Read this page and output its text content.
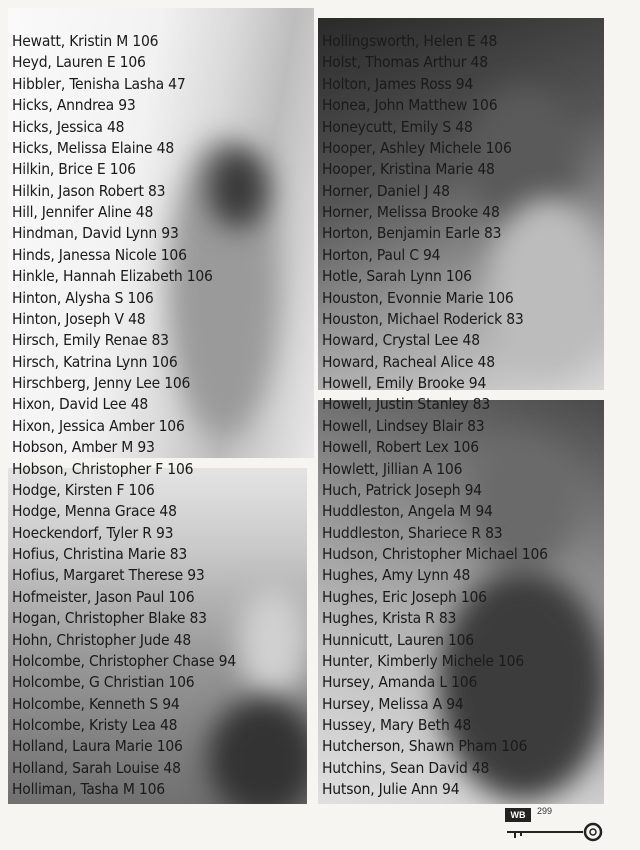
Hewatt, Kristin M 106
Heyd, Lauren E 106
Hibbler, Tenisha Lasha 47
Hicks, Anndrea 93
Hicks, Jessica 48
Hicks, Melissa Elaine 48
Hilkin, Brice E 106
Hilkin, Jason Robert 83
Hill, Jennifer Aline 48
Hindman, David Lynn 93
Hinds, Janessa Nicole 106
Hinkle, Hannah Elizabeth 106
Hinton, Alysha S 106
Hinton, Joseph V 48
Hirsch, Emily Renae 83
Hirsch, Katrina Lynn 106
Hirschberg, Jenny Lee 106
Hixon, David Lee 48
Hixon, Jessica Amber 106
Hobson, Amber M 93
Hobson, Christopher F 106
Hodge, Kirsten F 106
Hodge, Menna Grace 48
Hoeckendorf, Tyler R 93
Hofius, Christina Marie 83
Hofius, Margaret Therese 93
Hofmeister, Jason Paul 106
Hogan, Christopher Blake 83
Hohn, Christopher Jude 48
Holcombe, Christopher Chase 94
Holcombe, G Christian 106
Holcombe, Kenneth S 94
Holcombe, Kristy Lea 48
Holland, Laura Marie 106
Holland, Sarah Louise 48
Holliman, Tasha M 106
Hollingsworth, Helen E 48
Holst, Thomas Arthur 48
Holton, James Ross 94
Honea, John Matthew 106
Honeycutt, Emily S 48
Hooper, Ashley Michele 106
Hooper, Kristina Marie 48
Horner, Daniel J 48
Horner, Melissa Brooke 48
Horton, Benjamin Earle 83
Horton, Paul C 94
Hotle, Sarah Lynn 106
Houston, Evonnie Marie 106
Houston, Michael Roderick 83
Howard, Crystal Lee 48
Howard, Racheal Alice 48
Howell, Emily Brooke 94
Howell, Justin Stanley 83
Howell, Lindsey Blair 83
Howell, Robert Lex 106
Howlett, Jillian A 106
Huch, Patrick Joseph 94
Huddleston, Angela M 94
Huddleston, Shariece R 83
Hudson, Christopher Michael 106
Hughes, Amy Lynn 48
Hughes, Eric Joseph 106
Hughes, Krista R 83
Hunnicutt, Lauren 106
Hunter, Kimberly Michele 106
Hursey, Amanda L 106
Hursey, Melissa A 94
Hussey, Mary Beth 48
Hutcherson, Shawn Pham 106
Hutchins, Sean David 48
Hutson, Julie Ann 94
WB	299
